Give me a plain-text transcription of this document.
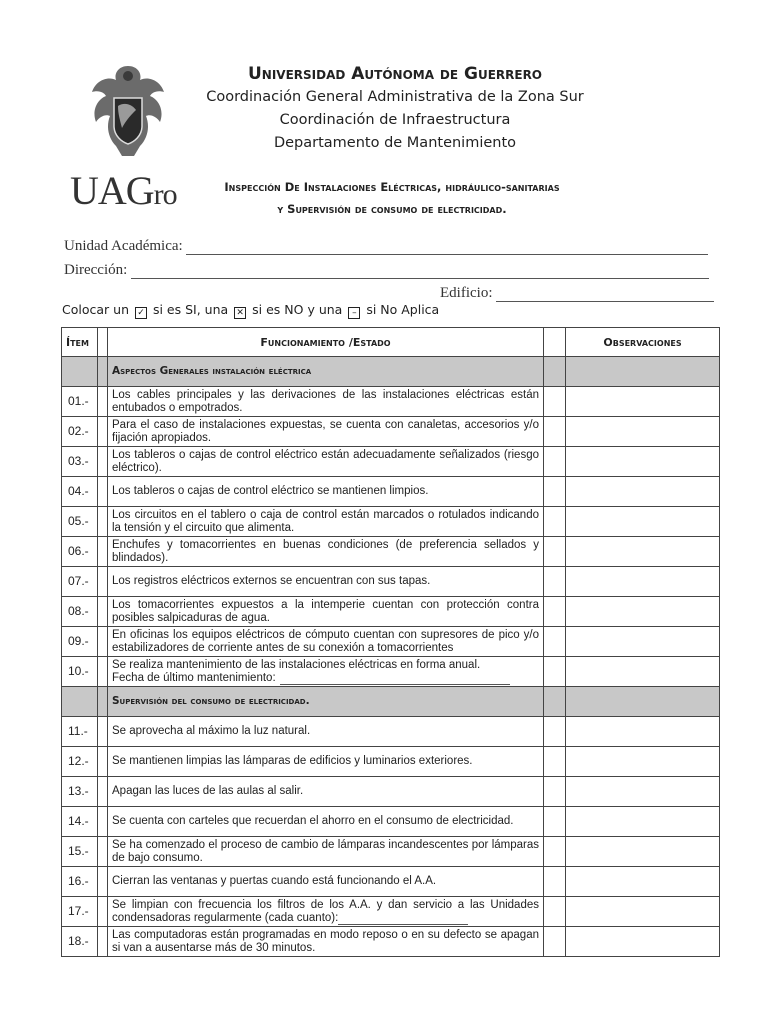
UAGro
Universidad Autónoma de Guerrero
Coordinación General Administrativa de la Zona Sur
Coordinación de Infraestructura
Departamento de Mantenimiento
Inspección De Instalaciones Eléctricas, hidráulico-sanitarias
y Supervisión de consumo de electricidad.
Unidad Académica:
Dirección:
Edificio:
Colocar un ✓ si es SI, una ✕ si es NO y una – si No Aplica
Ítem		Funcionamiento /Estado		Observaciones
		Aspectos Generales instalación eléctrica		
01.-		Los cables principales y las derivaciones de las instalaciones eléctricas están entubados o empotrados.		
02.-		Para el caso de instalaciones expuestas, se cuenta con canaletas, accesorios y/o fijación apropiados.		
03.-		Los tableros o cajas de control eléctrico están adecuadamente señalizados (riesgo eléctrico).		
04.-		Los tableros o cajas de control eléctrico se mantienen limpios.		
05.-		Los circuitos en el tablero o caja de control están marcados o rotulados indicando la tensión y el circuito que alimenta.		
06.-		Enchufes y tomacorrientes en buenas condiciones (de preferencia sellados y blindados).		
07.-		Los registros eléctricos externos se encuentran con sus tapas.		
08.-		Los tomacorrientes expuestos a la intemperie cuentan con protección contra posibles salpicaduras de agua.		
09.-		En oficinas los equipos eléctricos de cómputo cuentan con supresores de pico y/o estabilizadores de corriente antes de su conexión a tomacorrientes		
10.-		Se realiza mantenimiento de las instalaciones eléctricas en forma anual.
Fecha de último mantenimiento:		
		Supervisión del consumo de electricidad.		
11.-		Se aprovecha al máximo la luz natural.		
12.-		Se mantienen limpias las lámparas de edificios y luminarios exteriores.		
13.-		Apagan las luces de las aulas al salir.		
14.-		Se cuenta con carteles que recuerdan el ahorro en el consumo de electricidad.		
15.-		Se ha comenzado el proceso de cambio de lámparas incandescentes por lámparas de bajo consumo.		
16.-		Cierran las ventanas y puertas cuando está funcionando el A.A.		
17.-		Se limpian con frecuencia los filtros de los A.A. y dan servicio a las Unidades condensadoras regularmente (cada cuanto):		
18.-		Las computadoras están programadas en modo reposo o en su defecto se apagan si van a ausentarse más de 30 minutos.		
